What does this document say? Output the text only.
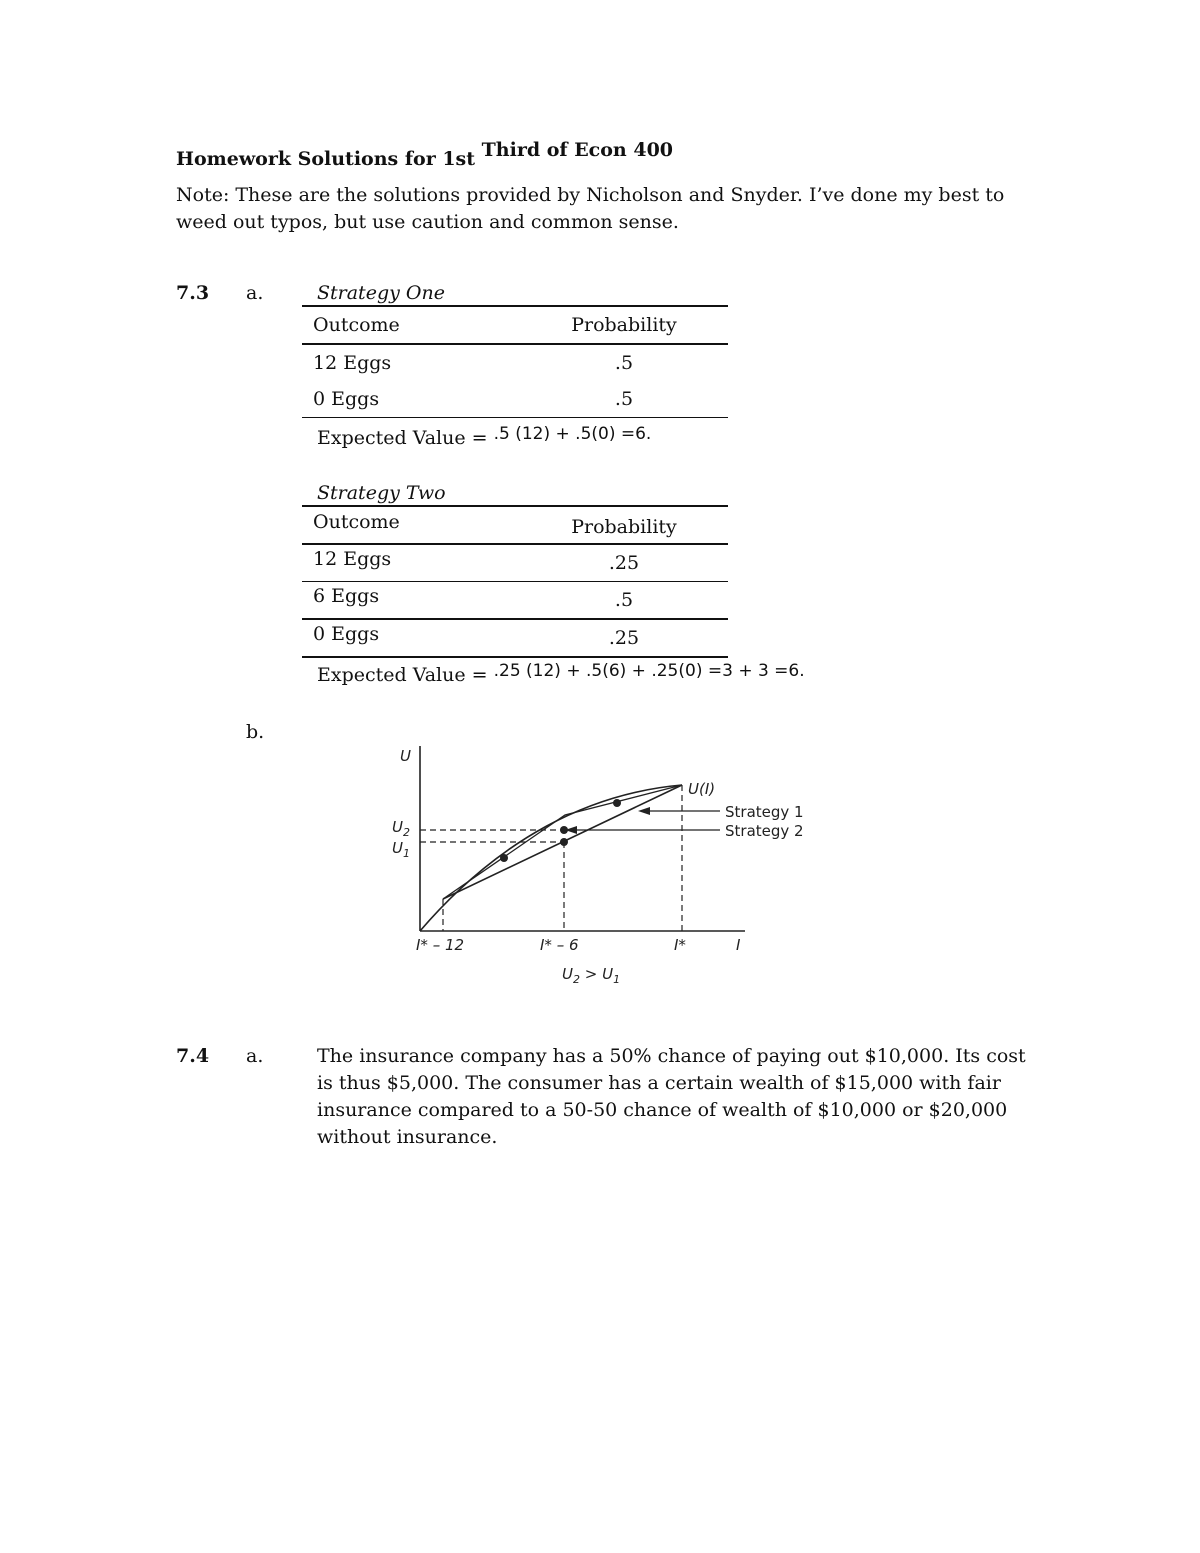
Homework Solutions for 1st Third of Econ 400
Note: These are the solutions provided by Nicholson and Snyder. I’ve done my best to weed out typos, but use caution and common sense.
7.3 a.	Strategy One
Outcome	Probability
12 Eggs	.5
0 Eggs	.5
Expected Value = .5 (12) + .5(0) =6.
Strategy Two
Outcome	Probability
12 Eggs	.25
6 Eggs	.5
0 Eggs	.25
Expected Value = .25 (12) + .5(6) + .25(0) =3 + 3 =6.
b.
U
U(I)
Strategy 1
Strategy 2
$U_2$
$U_1$
I* – 12	I* – 6	I*	I
$U_2 > U_1$
7.4 a.	The insurance company has a 50% chance of paying out $10,000. Its cost is thus $5,000. The consumer has a certain wealth of $15,000 with fair insurance compared to a 50-50 chance of wealth of $10,000 or $20,000 without insurance.
